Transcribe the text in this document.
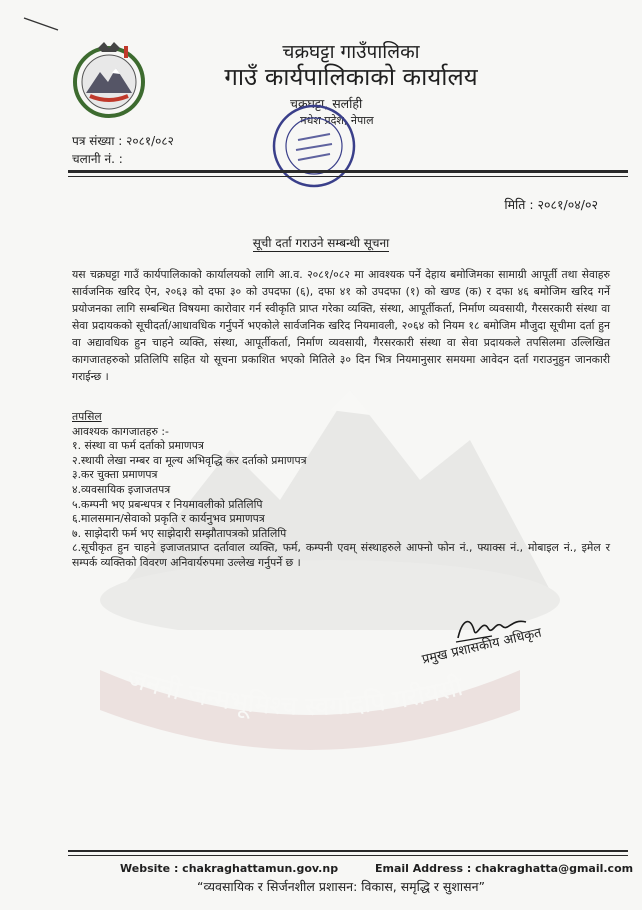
जननी जन्मभूमिश्च स्वर्गादपि गरीयसी
चक्रघट्टा गाउँपालिका
गाउँ कार्यपालिकाको कार्यालय
चक्रघट्टा, सर्लाही
मधेश प्रदेश, नेपाल
पत्र संख्या : २०८१/०८२
चलानी नं. :
मिति : २०८१/०४/०२
सूची दर्ता गराउने सम्बन्धी सूचना
यस चक्रघट्टा गाउँ कार्यपालिकाको कार्यालयको लागि आ.व. २०८१/०८२ मा आवश्यक पर्ने देहाय बमोजिमका सामाग्री आपूर्ती तथा सेवाहरु सार्वजनिक खरिद ऐन, २०६३ को दफा ३० को उपदफा (६), दफा ४१ को उपदफा (१) को खण्ड (क) र दफा ४६ बमोजिम खरिद गर्ने प्रयोजनका लागि सम्बन्धित विषयमा कारोवार गर्न स्वीकृति प्राप्त गरेका व्यक्ति, संस्था, आपूर्तीकर्ता, निर्माण व्यवसायी, गैरसरकारी संस्था वा सेवा प्रदायकको सूचीदर्ता/आधावधिक गर्नुपर्ने भएकोले सार्वजनिक खरिद नियमावली, २०६४ को नियम १८ बमोजिम मौजुदा सूचीमा दर्ता हुन वा अद्यावधिक हुन चाहने व्यक्ति, संस्था, आपूर्तीकर्ता, निर्माण व्यवसायी, गैरसरकारी संस्था वा सेवा प्रदायकले तपसिलमा उल्लिखित कागजातहरुको प्रतिलिपि सहित यो सूचना प्रकाशित भएको मितिले ३० दिन भित्र नियमानुसार समयमा आवेदन दर्ता गराउनुहुन जानकारी गराईन्छ ।
तपसिल
आवश्यक कागजातहरु :-
१. संस्था वा फर्म दर्ताको प्रमाणपत्र
२.स्थायी लेखा नम्बर वा मूल्य अभिवृद्धि कर दर्ताको प्रमाणपत्र
३.कर चुक्ता प्रमाणपत्र
४.व्यवसायिक इजाजतपत्र
५.कम्पनी भए प्रबन्धपत्र र नियमावलीको प्रतिलिपि
६.मालसमान/सेवाको प्रकृति र कार्यनुभव प्रमाणपत्र
७. साझेदारी फर्म भए साझेदारी सम्झौतापत्रको प्रतिलिपि
८.सूचीकृत हुन चाहने इजाजतप्राप्त दर्तावाल व्यक्ति, फर्म, कम्पनी एवम् संस्थाहरुले आफ्नो फोन नं., फ्याक्स नं., मोबाइल नं., इमेल र सम्पर्क व्यक्तिको विवरण अनिवार्यरुपमा उल्लेख गर्नुपर्ने छ ।
प्रमुख प्रशासकीय अधिकृत
Website : chakraghattamun.gov.np	Email Address : chakraghatta@gmail.com
“व्यवसायिक र सिर्जनशील प्रशासन: विकास, समृद्धि र सुशासन”
